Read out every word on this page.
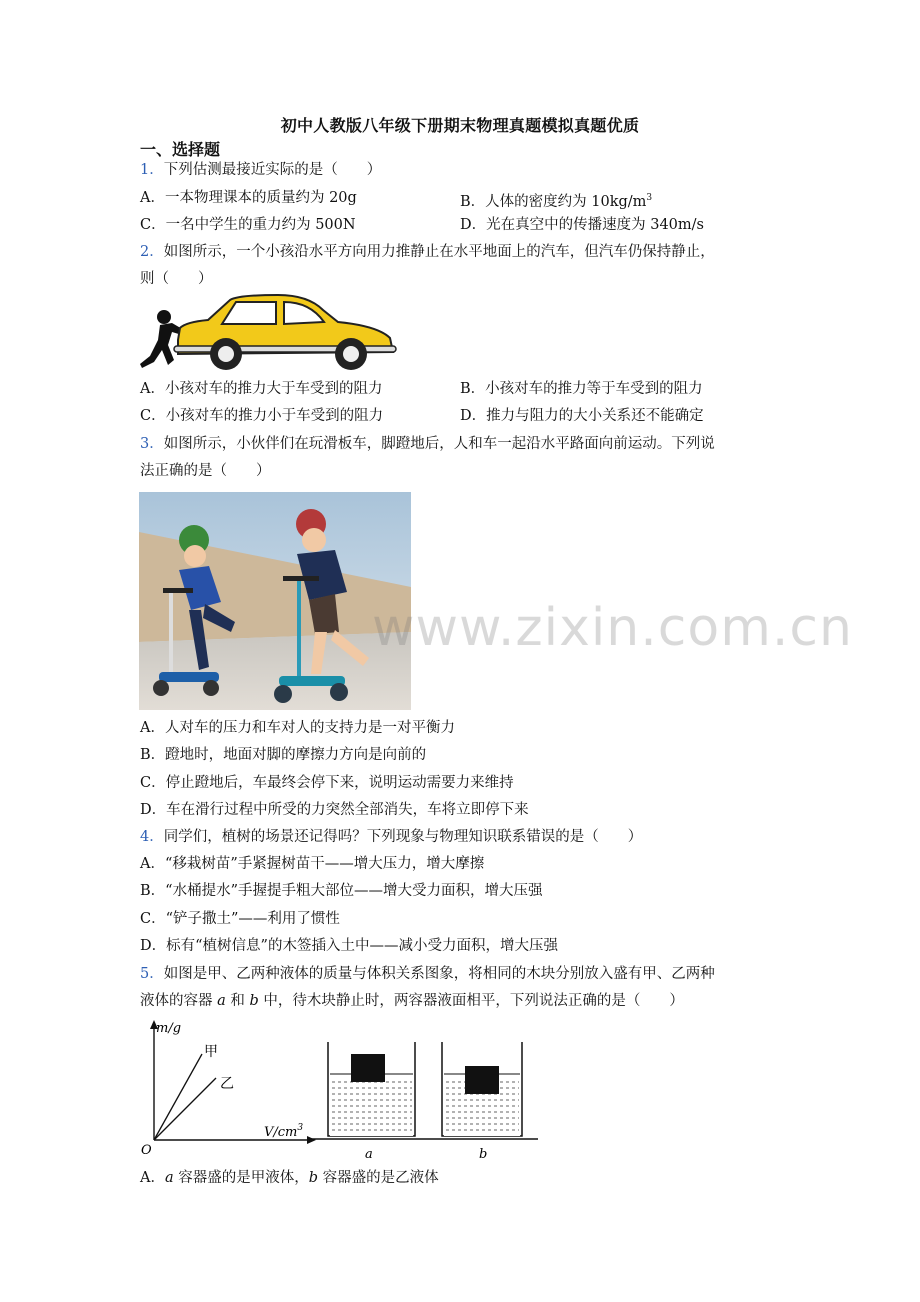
初中人教版八年级下册期末物理真题模拟真题优质
一、选择题
1．下列估测最接近实际的是（　　）
A．一本物理课本的质量约为 20g	B．人体的密度约为 $10kg/m^3$
C．一名中学生的重力约为 500N	D．光在真空中的传播速度为 340m/s
2．如图所示，一个小孩沿水平方向用力推静止在水平地面上的汽车，但汽车仍保持静止，
则（　　）
A．小孩对车的推力大于车受到的阻力	B．小孩对车的推力等于车受到的阻力
C．小孩对车的推力小于车受到的阻力	D．推力与阻力的大小关系还不能确定
3．如图所示，小伙伴们在玩滑板车，脚蹬地后，人和车一起沿水平路面向前运动。下列说
法正确的是（　　）
www.zixin.com.cn
A．人对车的压力和车对人的支持力是一对平衡力
B．蹬地时，地面对脚的摩擦力方向是向前的
C．停止蹬地后，车最终会停下来，说明运动需要力来维持
D．车在滑行过程中所受的力突然全部消失，车将立即停下来
4．同学们，植树的场景还记得吗？下列现象与物理知识联系错误的是（　　）
A．“移栽树苗”手紧握树苗干——增大压力，增大摩擦
B．“水桶提水”手握提手粗大部位——增大受力面积，增大压强
C．“铲子撒土”——利用了惯性
D．标有“植树信息”的木签插入土中——减小受力面积，增大压强
5．如图是甲、乙两种液体的质量与体积关系图象，将相同的木块分别放入盛有甲、乙两种
液体的容器 a 和 b 中，待木块静止时，两容器液面相平，下列说法正确的是（　　）
m/g
$V/cm^3$
O
甲
乙
a	b
A．a 容器盛的是甲液体，b 容器盛的是乙液体
